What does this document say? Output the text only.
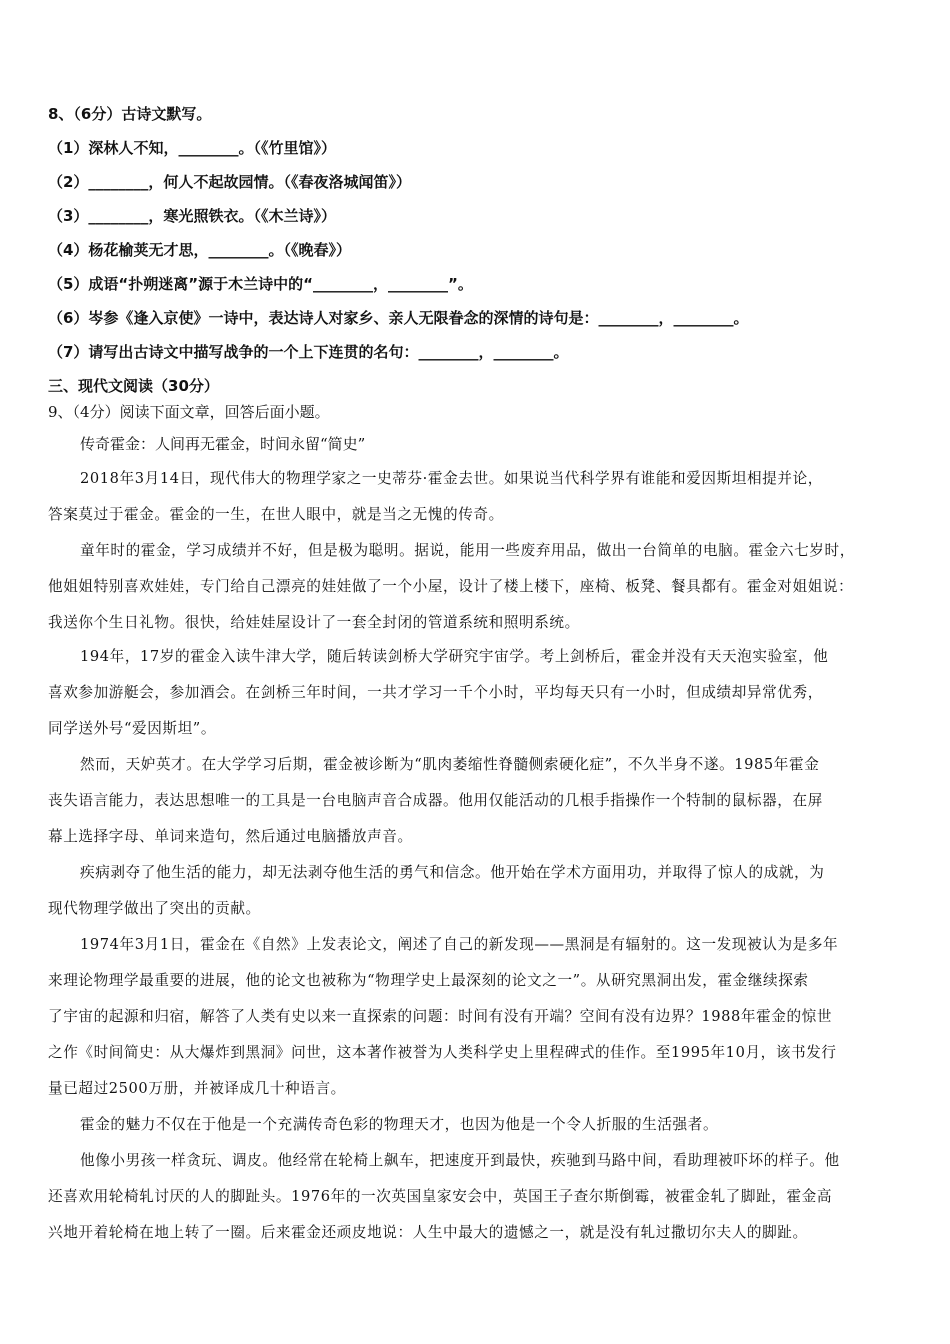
8、（6分）古诗文默写。
（1）深林人不知，________。（《竹里馆》）
（2）________，何人不起故园情。（《春夜洛城闻笛》）
（3）________，寒光照铁衣。（《木兰诗》）
（4）杨花榆荚无才思，________。（《晚春》）
（5）成语“扑朔迷离”源于木兰诗中的“________，________”。
（6）岑参《逢入京使》一诗中，表达诗人对家乡、亲人无限眷念的深情的诗句是：________，________。
（7）请写出古诗文中描写战争的一个上下连贯的名句：________，________。
三、现代文阅读（30分）
9、（4分）阅读下面文章，回答后面小题。
传奇霍金：人间再无霍金，时间永留“简史”
2018年3月14日，现代伟大的物理学家之一史蒂芬·霍金去世。如果说当代科学界有谁能和爱因斯坦相提并论，
答案莫过于霍金。霍金的一生，在世人眼中，就是当之无愧的传奇。
童年时的霍金，学习成绩并不好，但是极为聪明。据说，能用一些废弃用品，做出一台简单的电脑。霍金六七岁时，
他姐姐特别喜欢娃娃，专门给自己漂亮的娃娃做了一个小屋，设计了楼上楼下，座椅、板凳、餐具都有。霍金对姐姐说：
我送你个生日礼物。很快，给娃娃屋设计了一套全封闭的管道系统和照明系统。
194年，17岁的霍金入读牛津大学，随后转读剑桥大学研究宇宙学。考上剑桥后，霍金并没有天天泡实验室，他
喜欢参加游艇会，参加酒会。在剑桥三年时间，一共才学习一千个小时，平均每天只有一小时，但成绩却异常优秀，
同学送外号“爱因斯坦”。
然而，天妒英才。在大学学习后期，霍金被诊断为“肌肉萎缩性脊髓侧索硬化症”，不久半身不遂。1985年霍金
丧失语言能力，表达思想唯一的工具是一台电脑声音合成器。他用仅能活动的几根手指操作一个特制的鼠标器，在屏
幕上选择字母、单词来造句，然后通过电脑播放声音。
疾病剥夺了他生活的能力，却无法剥夺他生活的勇气和信念。他开始在学术方面用功，并取得了惊人的成就，为
现代物理学做出了突出的贡献。
1974年3月1日，霍金在《自然》上发表论文，阐述了自己的新发现——黑洞是有辐射的。这一发现被认为是多年
来理论物理学最重要的进展，他的论文也被称为“物理学史上最深刻的论文之一”。从研究黑洞出发，霍金继续探索
了宇宙的起源和归宿，解答了人类有史以来一直探索的问题：时间有没有开端？空间有没有边界？1988年霍金的惊世
之作《时间简史：从大爆炸到黑洞》问世，这本著作被誉为人类科学史上里程碑式的佳作。至1995年10月，该书发行
量已超过2500万册，并被译成几十种语言。
霍金的魅力不仅在于他是一个充满传奇色彩的物理天才，也因为他是一个令人折服的生活强者。
他像小男孩一样贪玩、调皮。他经常在轮椅上飙车，把速度开到最快，疾驰到马路中间，看助理被吓坏的样子。他
还喜欢用轮椅轧讨厌的人的脚趾头。1976年的一次英国皇家安会中，英国王子查尔斯倒霉，被霍金轧了脚趾，霍金高
兴地开着轮椅在地上转了一圈。后来霍金还顽皮地说：人生中最大的遗憾之一，就是没有轧过撒切尔夫人的脚趾。
